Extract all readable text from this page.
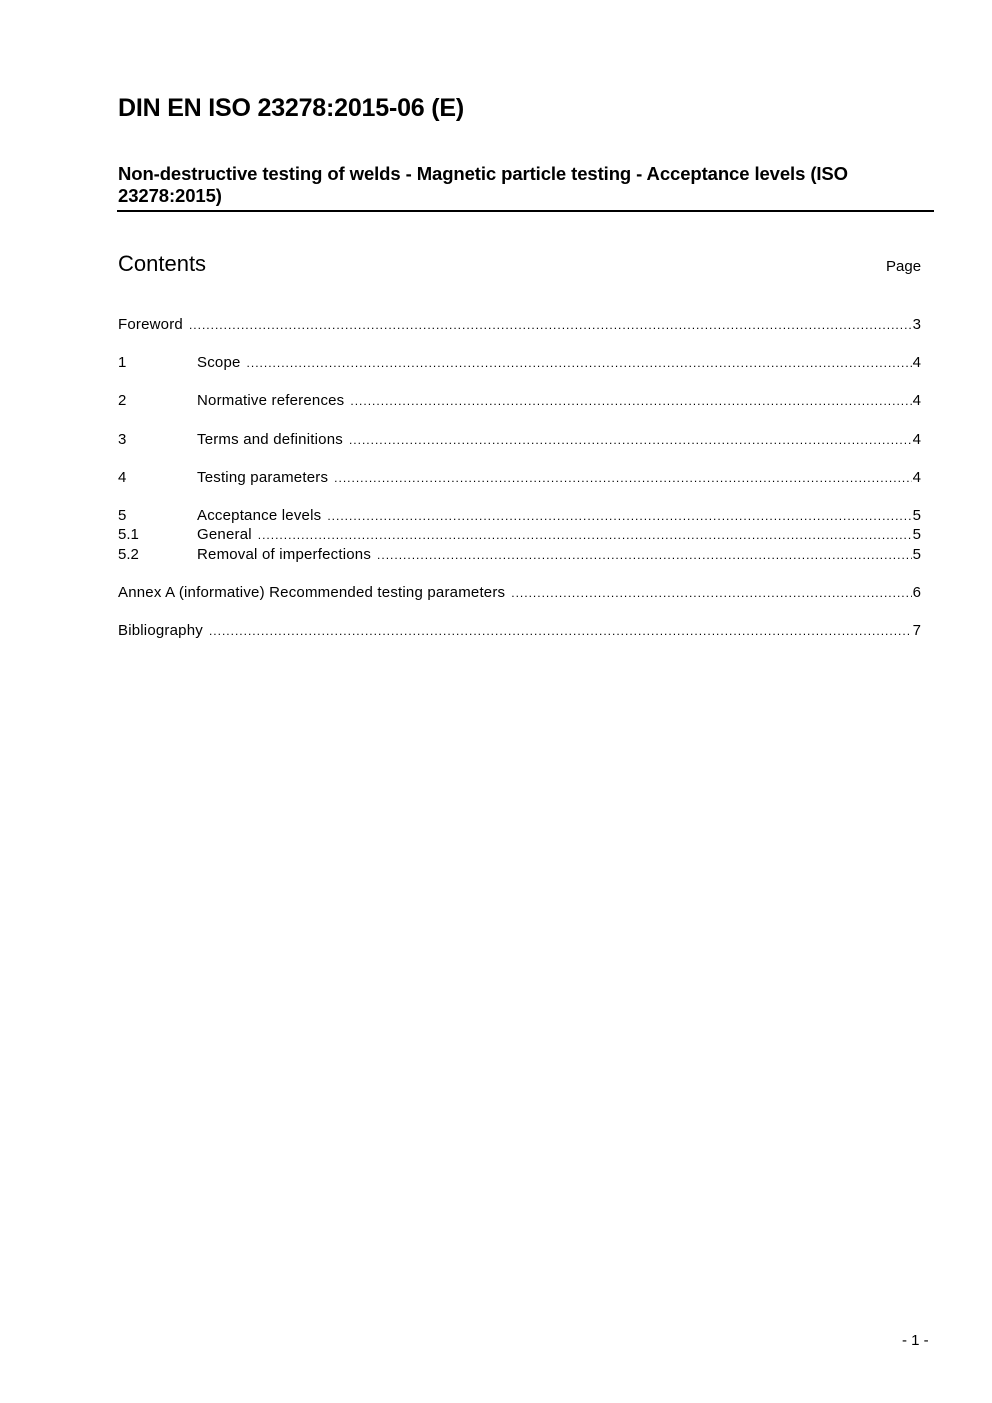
DIN EN ISO 23278:2015-06 (E)
Non-destructive testing of welds - Magnetic particle testing - Acceptance levels (ISO 23278:2015)
Contents	Page
Foreword .....	3
1	Scope .....	4
2	Normative references .....	4
3	Terms and definitions .....	4
4	Testing parameters .....	4
5	Acceptance levels .....	5
5.1	General .....	5
5.2	Removal of imperfections .....	5
Annex A (informative) Recommended testing parameters .....	6
Bibliography .....	7
- 1 -
